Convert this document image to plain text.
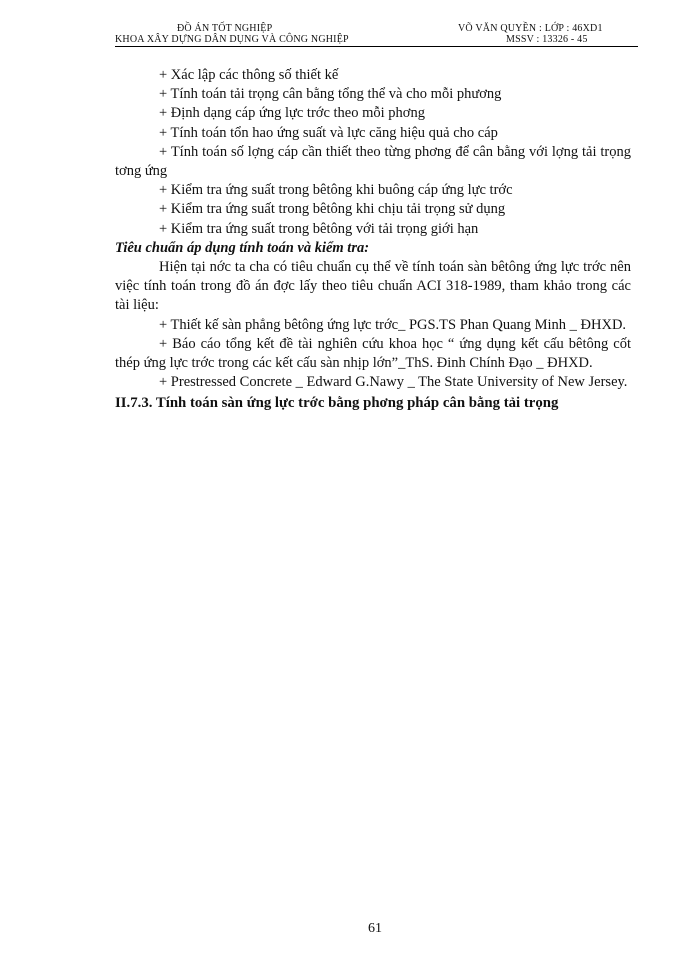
ĐỒ ÁN TỐT NGHIỆP
KHOA XÂY DỰNG DÂN DỤNG VÀ CÔNG NGHIỆP
VÕ VĂN QUYỀN : LỚP : 46XD1
MSSV : 13326 - 45

+ Xác lập các thông số thiết kế

+ Tính toán tải trọng cân bằng tổng thể và cho mỗi phương

+ Định dạng cáp ứng lực trớc theo mỗi phơng

+ Tính toán tổn hao ứng suất và lực căng hiệu quả cho cáp

+ Tính toán số lợng cáp cần thiết theo từng phơng để cân bằng với lợng tải trọng tơng ứng

+ Kiểm tra ứng suất trong bêtông khi buông cáp ứng lực trớc

+ Kiểm tra ứng suất trong bêtông khi chịu tải trọng sử dụng

+ Kiểm tra ứng suất trong bêtông với tải trọng giới hạn

Tiêu chuẩn áp dụng tính toán và kiểm tra:

Hiện tại nớc ta cha có tiêu chuẩn cụ thể về tính toán sàn bêtông ứng lực trớc nên việc tính toán trong đồ án đợc lấy theo tiêu chuẩn ACI 318-1989, tham khảo trong các tài liệu:

+ Thiết kế sàn phẳng bêtông ứng lực trớc_ PGS.TS Phan Quang Minh _ ĐHXD.

+ Báo cáo tổng kết đề tài nghiên cứu khoa học “ ứng dụng kết cấu bêtông cốt thép ứng lực trớc trong các kết cấu sàn nhịp lớn”_ThS. Đinh Chính Đạo _ ĐHXD.

+ Prestressed Concrete _ Edward G.Nawy _ The State University of New Jersey.

II.7.3. Tính toán sàn ứng lực trớc bằng phơng pháp cân bằng tải trọng

61
